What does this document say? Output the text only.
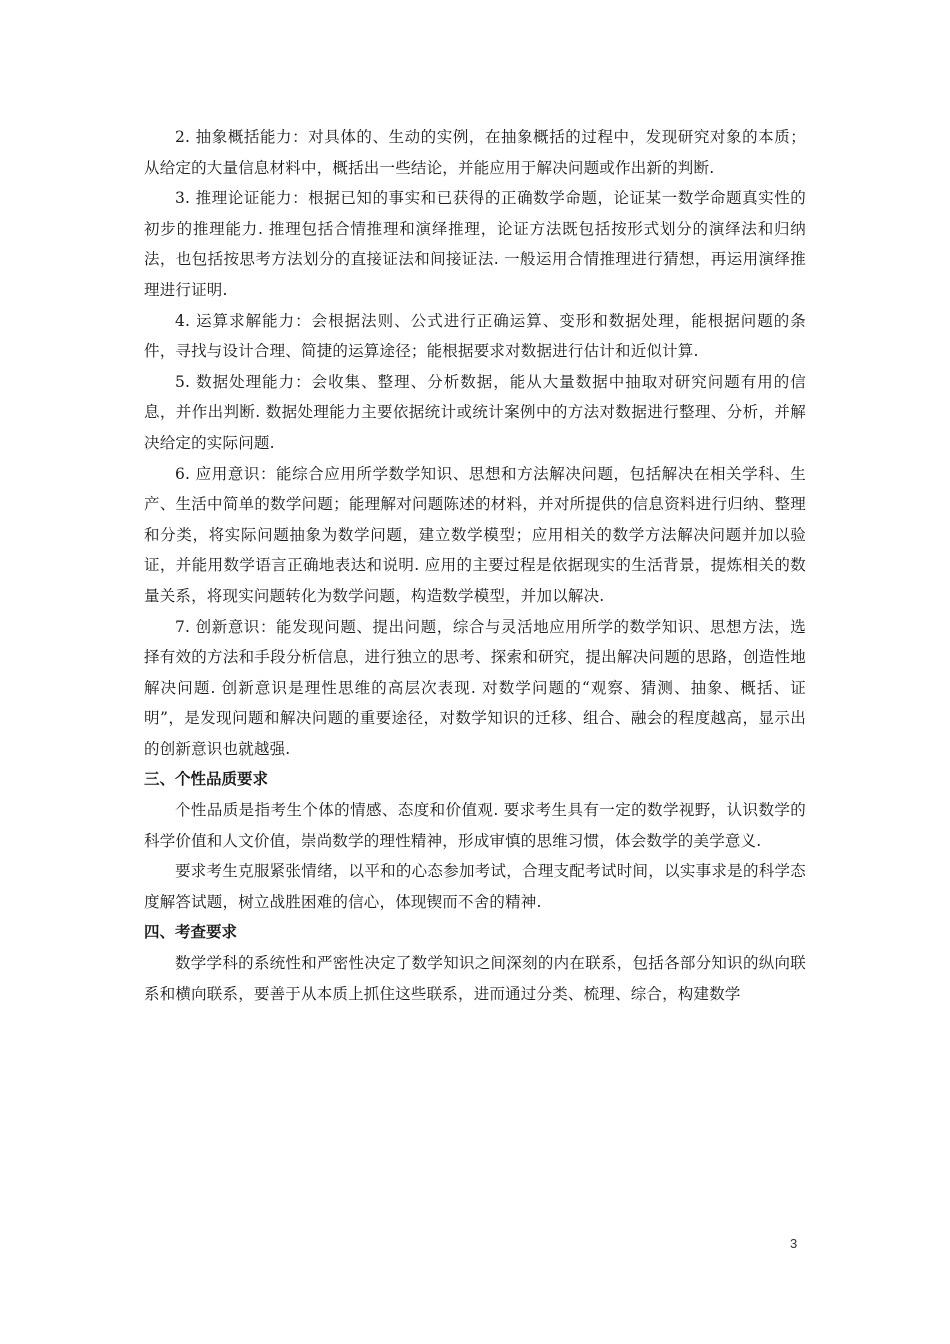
2. 抽象概括能力：对具体的、生动的实例，在抽象概括的过程中，发现研究对象的本质；从给定的大量信息材料中，概括出一些结论，并能应用于解决问题或作出新的判断.

3. 推理论证能力：根据已知的事实和已获得的正确数学命题，论证某一数学命题真实性的初步的推理能力. 推理包括合情推理和演绎推理，论证方法既包括按形式划分的演绎法和归纳法，也包括按思考方法划分的直接证法和间接证法. 一般运用合情推理进行猜想，再运用演绎推理进行证明.

4. 运算求解能力：会根据法则、公式进行正确运算、变形和数据处理，能根据问题的条件，寻找与设计合理、简捷的运算途径；能根据要求对数据进行估计和近似计算.

5. 数据处理能力：会收集、整理、分析数据，能从大量数据中抽取对研究问题有用的信息，并作出判断. 数据处理能力主要依据统计或统计案例中的方法对数据进行整理、分析，并解决给定的实际问题.

6. 应用意识：能综合应用所学数学知识、思想和方法解决问题，包括解决在相关学科、生产、生活中简单的数学问题；能理解对问题陈述的材料，并对所提供的信息资料进行归纳、整理和分类，将实际问题抽象为数学问题，建立数学模型；应用相关的数学方法解决问题并加以验证，并能用数学语言正确地表达和说明. 应用的主要过程是依据现实的生活背景，提炼相关的数量关系，将现实问题转化为数学问题，构造数学模型，并加以解决.

7. 创新意识：能发现问题、提出问题，综合与灵活地应用所学的数学知识、思想方法，选择有效的方法和手段分析信息，进行独立的思考、探索和研究，提出解决问题的思路，创造性地解决问题. 创新意识是理性思维的高层次表现. 对数学问题的“观察、猜测、抽象、概括、证明”，是发现问题和解决问题的重要途径，对数学知识的迁移、组合、融会的程度越高，显示出的创新意识也就越强.

三、个性品质要求

个性品质是指考生个体的情感、态度和价值观. 要求考生具有一定的数学视野，认识数学的科学价值和人文价值，崇尚数学的理性精神，形成审慎的思维习惯，体会数学的美学意义.

要求考生克服紧张情绪，以平和的心态参加考试，合理支配考试时间，以实事求是的科学态度解答试题，树立战胜困难的信心，体现锲而不舍的精神.

四、考查要求

数学学科的系统性和严密性决定了数学知识之间深刻的内在联系，包括各部分知识的纵向联系和横向联系，要善于从本质上抓住这些联系，进而通过分类、梳理、综合，构建数学

3
